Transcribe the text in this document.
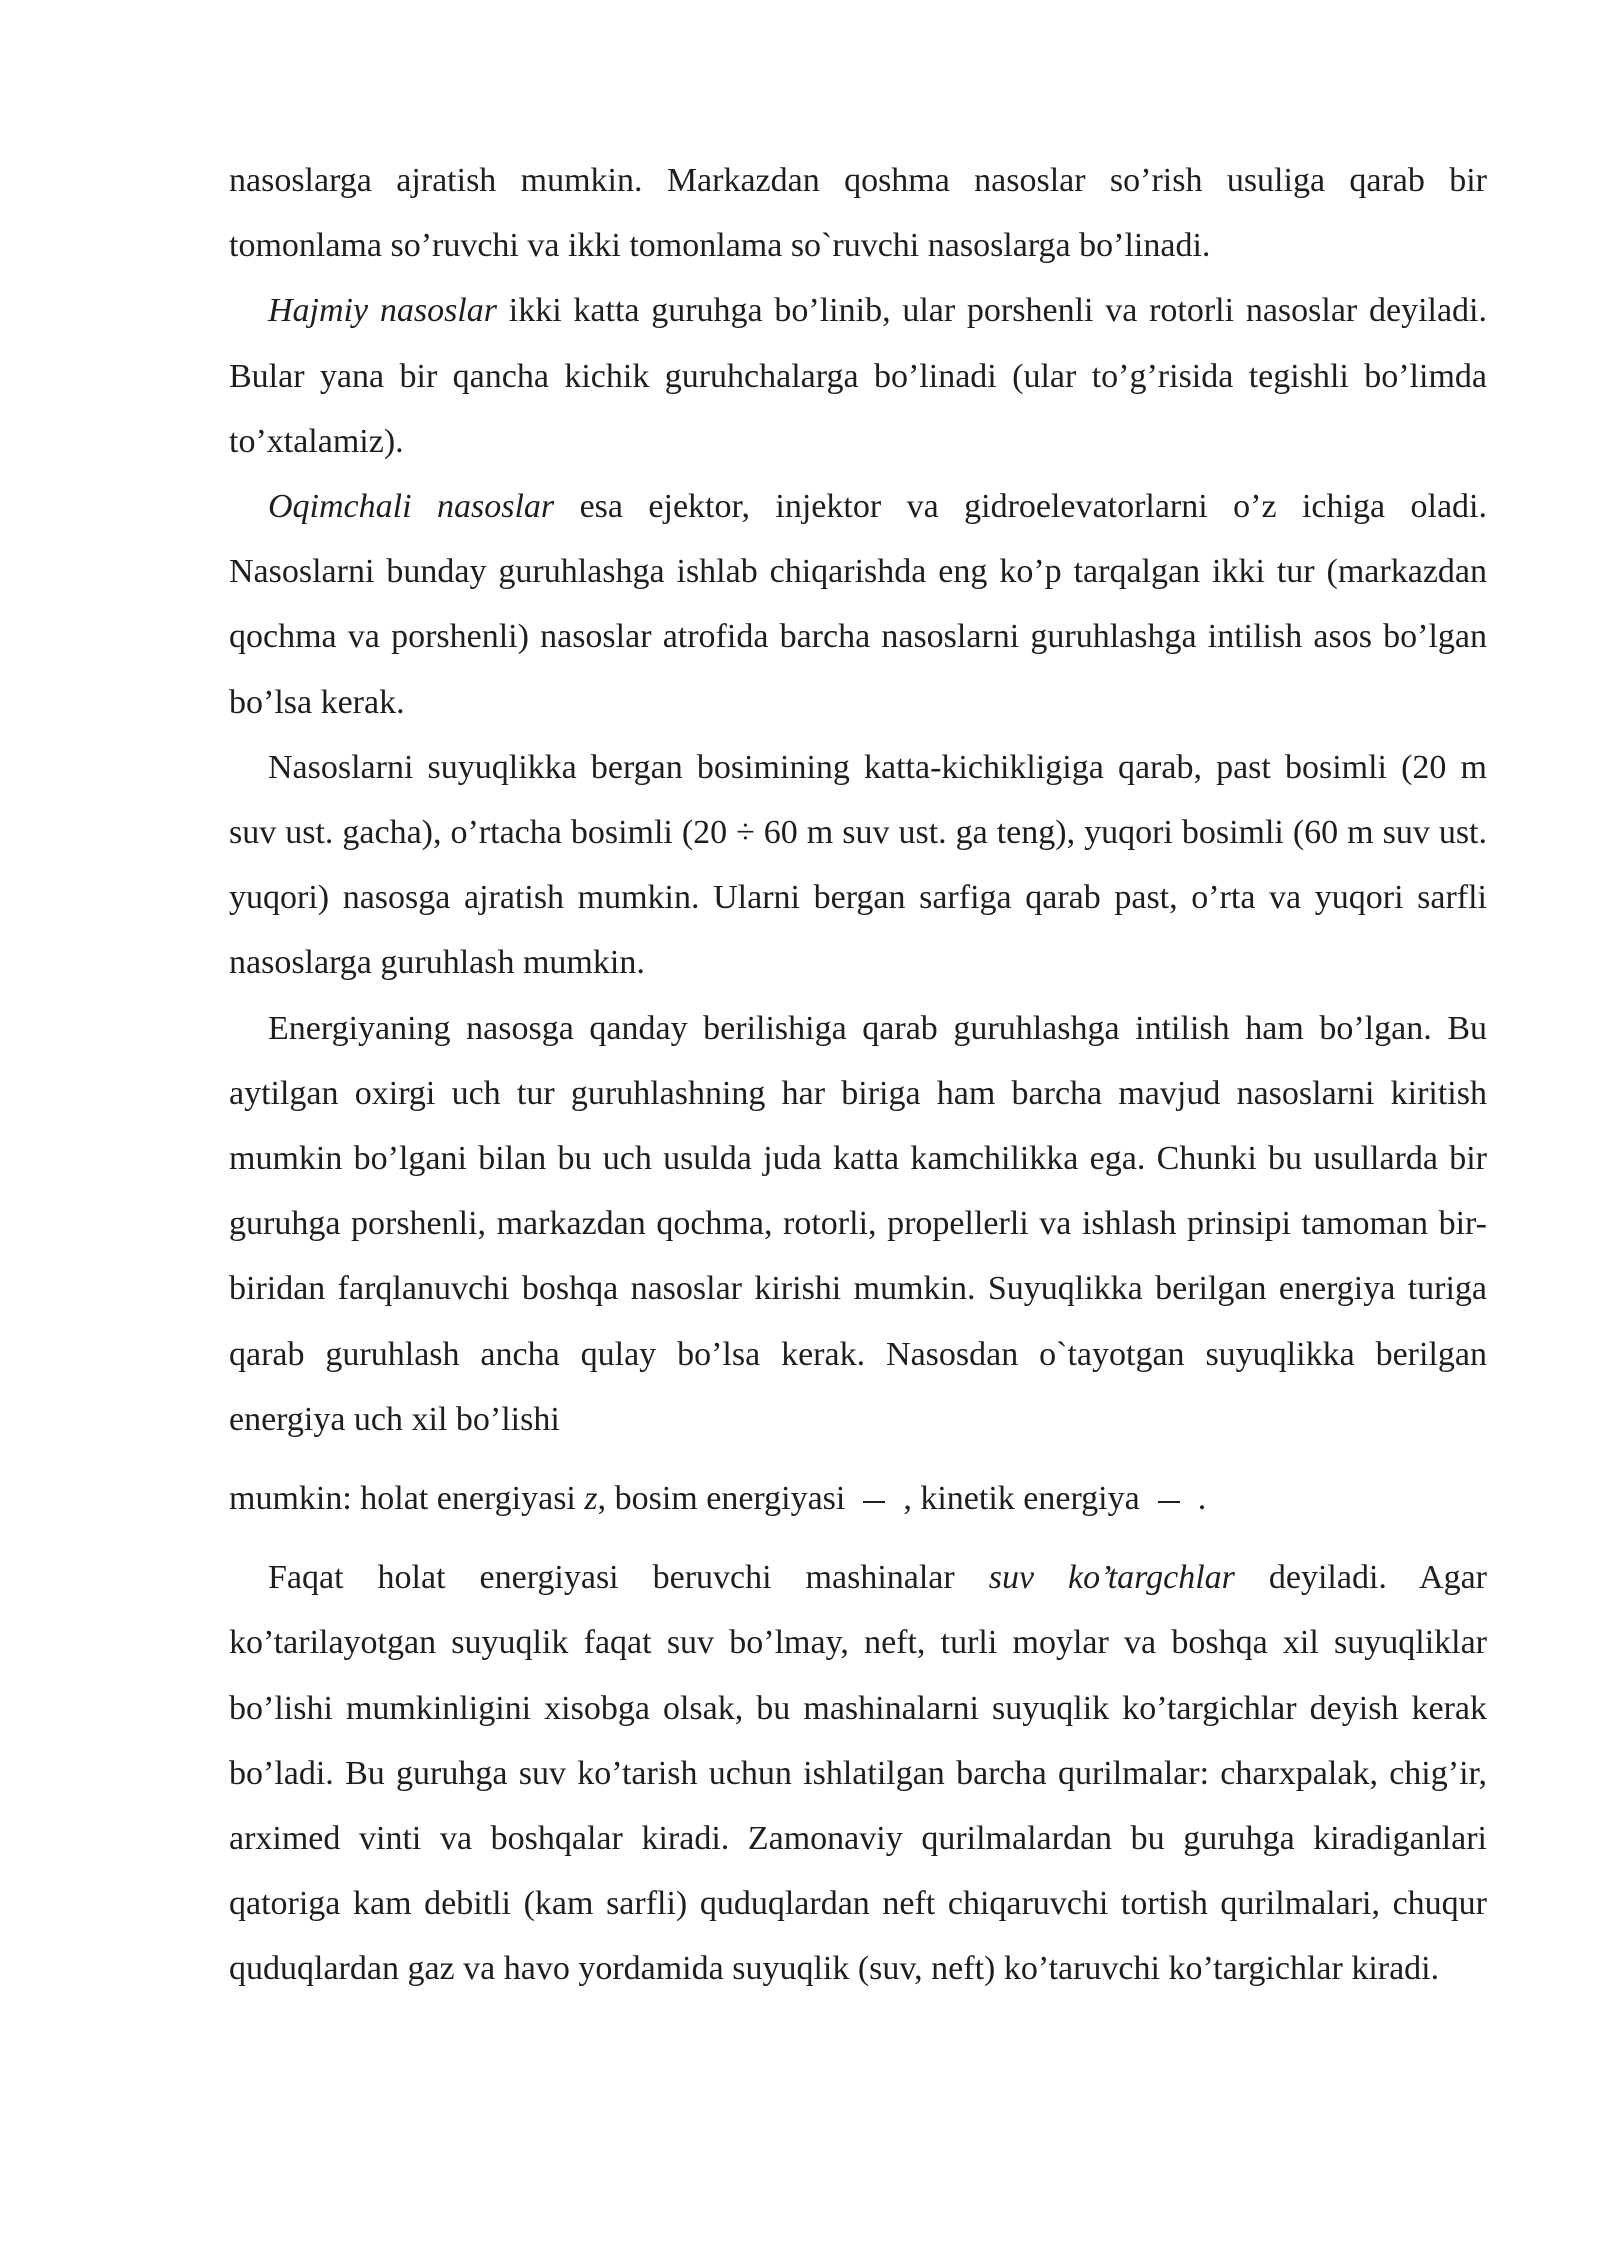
nasoslarga ajratish mumkin. Markazdan qoshma nasoslar so’rish usuliga qarab bir tomonlama so’ruvchi va ikki tomonlama so`ruvchi nasoslarga bo’linadi.

Hajmiy nasoslar ikki katta guruhga bo’linib, ular porshenli va rotorli nasoslar deyiladi. Bular yana bir qancha kichik guruhchalarga bo’linadi (ular to’g’risida tegishli bo’limda to’xtalamiz).

Oqimchali nasoslar esa ejektor, injektor va gidroelevatorlarni o’z ichiga oladi. Nasoslarni bunday guruhlashga ishlab chiqarishda eng ko’p tarqalgan ikki tur (markazdan qochma va porshenli) nasoslar atrofida barcha nasoslarni guruhlashga intilish asos bo’lgan bo’lsa kerak.

Nasoslarni suyuqlikka bergan bosimining katta-kichikligiga qarab, past bosimli (20 m suv ust. gacha), o’rtacha bosimli (20 ÷ 60 m suv ust. ga teng), yuqori bosimli (60 m suv ust. yuqori) nasosga ajratish mumkin. Ularni bergan sarfiga qarab past, o’rta va yuqori sarfli nasoslarga guruhlash mumkin.

Energiyaning nasosga qanday berilishiga qarab guruhlashga intilish ham bo’lgan. Bu aytilgan oxirgi uch tur guruhlashning har biriga ham barcha mavjud nasoslarni kiritish mumkin bo’lgani bilan bu uch usulda juda katta kamchilikka ega. Chunki bu usullarda bir guruhga porshenli, markazdan qochma, rotorli, propellerli va ishlash prinsipi tamoman bir-biridan farqlanuvchi boshqa nasoslar kirishi mumkin. Suyuqlikka berilgan energiya turiga qarab guruhlash ancha qulay bo’lsa kerak. Nasosdan o`tayotgan suyuqlikka berilgan energiya uch xil bo’lishi

mumkin: holat energiyasi z, bosim energiyasi , kinetik energiya .

Faqat holat energiyasi beruvchi mashinalar suv ko’targchlar deyiladi. Agar ko’tarilayotgan suyuqlik faqat suv bo’lmay, neft, turli moylar va boshqa xil suyuqliklar bo’lishi mumkinligini xisobga olsak, bu mashinalarni suyuqlik ko’targichlar deyish kerak bo’ladi. Bu guruhga suv ko’tarish uchun ishlatilgan barcha qurilmalar: charxpalak, chig’ir, arximed vinti va boshqalar kiradi. Zamonaviy qurilmalardan bu guruhga kiradiganlari qatoriga kam debitli (kam sarfli) quduqlardan neft chiqaruvchi tortish qurilmalari, chuqur quduqlardan gaz va havo yordamida suyuqlik (suv, neft) ko’taruvchi ko’targichlar kiradi.
